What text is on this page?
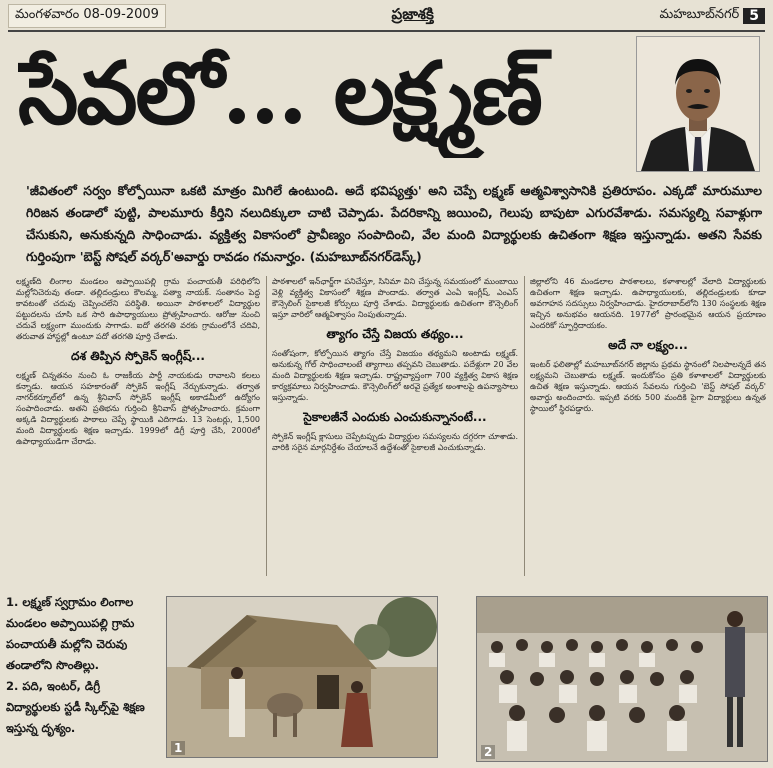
మంగళవారం 08-09-2009	ప్రజాశక్తి	మహబూబ్‌నగర్ 5
సేవలో... లక్ష్మణ్
'జీవితంలో సర్వం కోల్పోయినా ఒకటి మాత్రం మిగిలే ఉంటుంది. అదే భవిష్యత్తు' అని చెప్పే లక్ష్మణ్ ఆత్మవిశ్వాసానికి ప్రతిరూపం. ఎక్కడో మారుమూల గిరిజన తండాలో పుట్టి, పాలమూరు కీర్తిని నలుదిక్కులా చాటి చెప్పాడు. పేదరికాన్ని జయించి, గెలుపు బాపుటా ఎగురవేశాడు. సమస్యల్ని సవాళ్లుగా చేసుకుని, అనుకున్నది సాధించాడు. వ్యక్తిత్వ వికాసంలో ప్రావీణ్యం సంపాదించి, వేల మంది విద్యార్థులకు ఉచితంగా శిక్షణ ఇస్తున్నాడు. అతని సేవకు గుర్తింపుగా 'బెస్ట్ సోషల్ వర్కర్'అవార్డు రావడం గమనార్హం. (మహబూబ్‌నగర్‌డెస్క్)

లక్ష్మణ్‌ది లింగాల మండలం అప్పాయిపల్లి గ్రామ పంచాయతీ పరిధిలోని మల్లోనిచెరువు తండా. తల్లిదండ్రులు కౌలమ్మ, పత్యా నాయక్. సంతానం పెద్ద కావటంతో చదువు చెప్పించలేని పరిస్థితి. అయినా పాఠశాలలో విద్యార్థుల పట్టుదలను చూసి ఒక సారి ఉపాధ్యాయులు ప్రోత్సహించారు. ఆరోజు నుంచి చదువే లక్ష్యంగా ముందుకు సాగాడు. ఐదో తరగతి వరకు గ్రామంలోనే చదివి, తరువాత హాస్టల్లో ఉంటూ పదో తరగతి పూర్తి చేశాడు.

దశ తిప్పిన స్పోకెన్ ఇంగ్లీష్...

లక్ష్మణ్ చిన్నతనం నుంచి ఓ రాజకీయ పార్టీ నాయకుడు రావాలని కలలు కన్నాడు. ఆయన సహకారంతో స్పోకెన్ ఇంగ్లీష్ నేర్చుకున్నాడు. తర్వాత నాగర్‌కర్నూల్‌లో ఉన్న శ్రీనివాస్ స్పోకెన్ ఇంగ్లీష్ అకాడమీలో ఉద్యోగం సంపాదించాడు. అతని ప్రతిభను గుర్తించి శ్రీనివాస్ ప్రోత్సహించారు. క్రమంగా అక్కడి విద్యార్థులకు పాఠాలు చెప్పే స్థాయికి ఎదిగాడు. 13 సెంటర్లు, 1,500 మంది విద్యార్థులకు శిక్షణ ఇచ్చాడు. 1999లో డిగ్రీ పూర్తి చేసి, 2000లో ఉపాధ్యాయుడిగా చేరాడు.

పాఠశాలలో ఇన్‌ఛార్జ్‌గా పనిచేస్తూ, సినిమా విని చేస్తున్న సమయంలో ముంబాయి వెళ్లి వ్యక్తిత్వ వికాసంలో శిక్షణ పొందాడు. తర్వాత ఎంఏ ఇంగ్లీష్, ఎంఎస్ కౌన్సెలింగ్ సైకాలజీ కోర్సులు పూర్తి చేశాడు. విద్యార్థులకు ఉచితంగా కౌన్సెలింగ్ ఇస్తూ వారిలో ఆత్మవిశ్వాసం నింపుతున్నాడు.

త్యాగం చేస్తే విజయ తథ్యం...

సంతోషంగా, కోల్పోయిన త్యాగం చేస్తే విజయం తథ్యమని అంటాడు లక్ష్మణ్. అనుకున్న గోల్ సాధించాలంటే త్యాగాలు తప్పవని చెబుతాడు. పదేళ్లుగా 20 వేల మంది విద్యార్థులకు శిక్షణ ఇచ్చాడు. రాష్ట్రవ్యాప్తంగా 700 వ్యక్తిత్వ వికాస శిక్షణ కార్యక్రమాలు నిర్వహించాడు. కౌన్సెలింగ్‌లో అరవై ప్రత్యేక అంశాలపై ఉపన్యాసాలు ఇస్తున్నాడు.

సైకాలజీనే ఎందుకు ఎంచుకున్నానంటే...

స్పోకెన్ ఇంగ్లీష్ క్లాసులు చెప్పేటప్పుడు విద్యార్థుల సమస్యలను దగ్గరగా చూశాడు. వారికి సరైన మార్గనిర్దేశం చేయాలనే ఉద్దేశంతో సైకాలజీ ఎంచుకున్నాడు.

జిల్లాలోని 46 మండలాల పాఠశాలలు, కళాశాలల్లో వేలాది విద్యార్థులకు ఉచితంగా శిక్షణ ఇచ్చాడు. ఉపాధ్యాయులకు, తల్లిదండ్రులకు కూడా అవగాహన సదస్సులు నిర్వహించాడు. హైదరాబాద్‌లోని 130 సంస్థలకు శిక్షణ ఇచ్చిన అనుభవం ఆయనది. 1977లో ప్రారంభమైన ఆయన ప్రయాణం ఎందరికో స్ఫూర్తిదాయకం.

అదే నా లక్ష్యం...

ఇంటర్ ఫలితాల్లో మహబూబ్‌నగర్ జిల్లాను ప్రథమ స్థానంలో నిలపాలన్నదే తన లక్ష్యమని చెబుతాడు లక్ష్మణ్. ఇందుకోసం ప్రతి కళాశాలలో విద్యార్థులకు ఉచిత శిక్షణ ఇస్తున్నాడు. ఆయన సేవలను గుర్తించి 'బెస్ట్ సోషల్ వర్కర్' అవార్డు అందించారు. ఇప్పటి వరకు 500 మందికి పైగా విద్యార్థులు ఉన్నత స్థాయిలో స్థిరపడ్డారు.

1. లక్ష్మణ్ స్వగ్రామం లింగాల మండలం అప్పాయిపల్లి గ్రామ పంచాయతీ మల్లోని చెరువు తండాలోని సొంతిల్లు.

2. పది, ఇంటర్, డిగ్రీ విద్యార్థులకు స్టడీ స్కిల్స్‌పై శిక్షణ ఇస్తున్న దృశ్యం.

1	2
